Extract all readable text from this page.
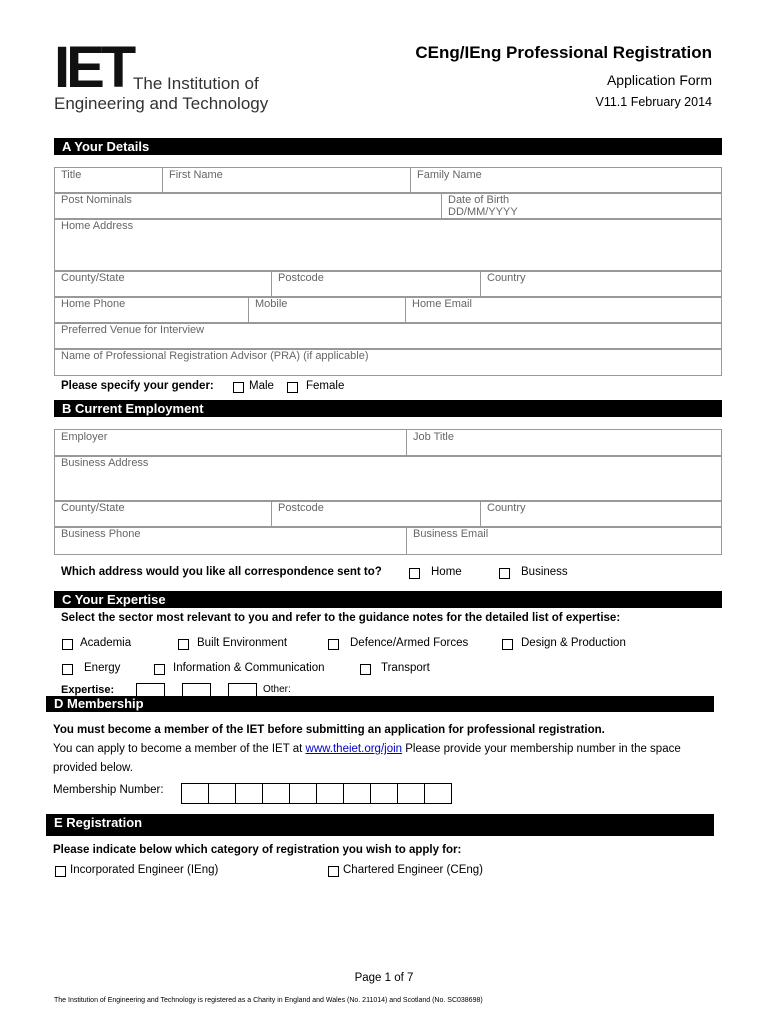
IET The Institution of
Engineering and Technology
CEng/IEng Professional Registration
Application Form
V11.1 February 2014
A Your Details
Title	First Name	Family Name
Post Nominals	Date of Birth
DD/MM/YYYY
Home Address
County/State	Postcode	Country
Home Phone	Mobile	Home Email
Preferred Venue for Interview
Name of Professional Registration Advisor (PRA) (if applicable)
Please specify your gender:	Male	Female
B Current Employment
Employer	Job Title
Business Address
County/State	Postcode	Country
Business Phone	Business Email
Which address would you like all correspondence sent to?	Home	Business
C Your Expertise
Select the sector most relevant to you and refer to the guidance notes for the detailed list of expertise:
Academia	Built Environment	Defence/Armed Forces	Design & Production
Energy	Information & Communication	Transport
Expertise:	Other:
D Membership
You must become a member of the IET before submitting an application for professional registration.
You can apply to become a member of the IET at www.theiet.org/join Please provide your membership number in the space
provided below.
Membership Number:
E Registration
Please indicate below which category of registration you wish to apply for:
Incorporated Engineer (IEng)	Chartered Engineer (CEng)
Page 1 of 7
The Institution of Engineering and Technology is registered as a Charity in England and Wales (No. 211014) and Scotland (No. SC038698)
